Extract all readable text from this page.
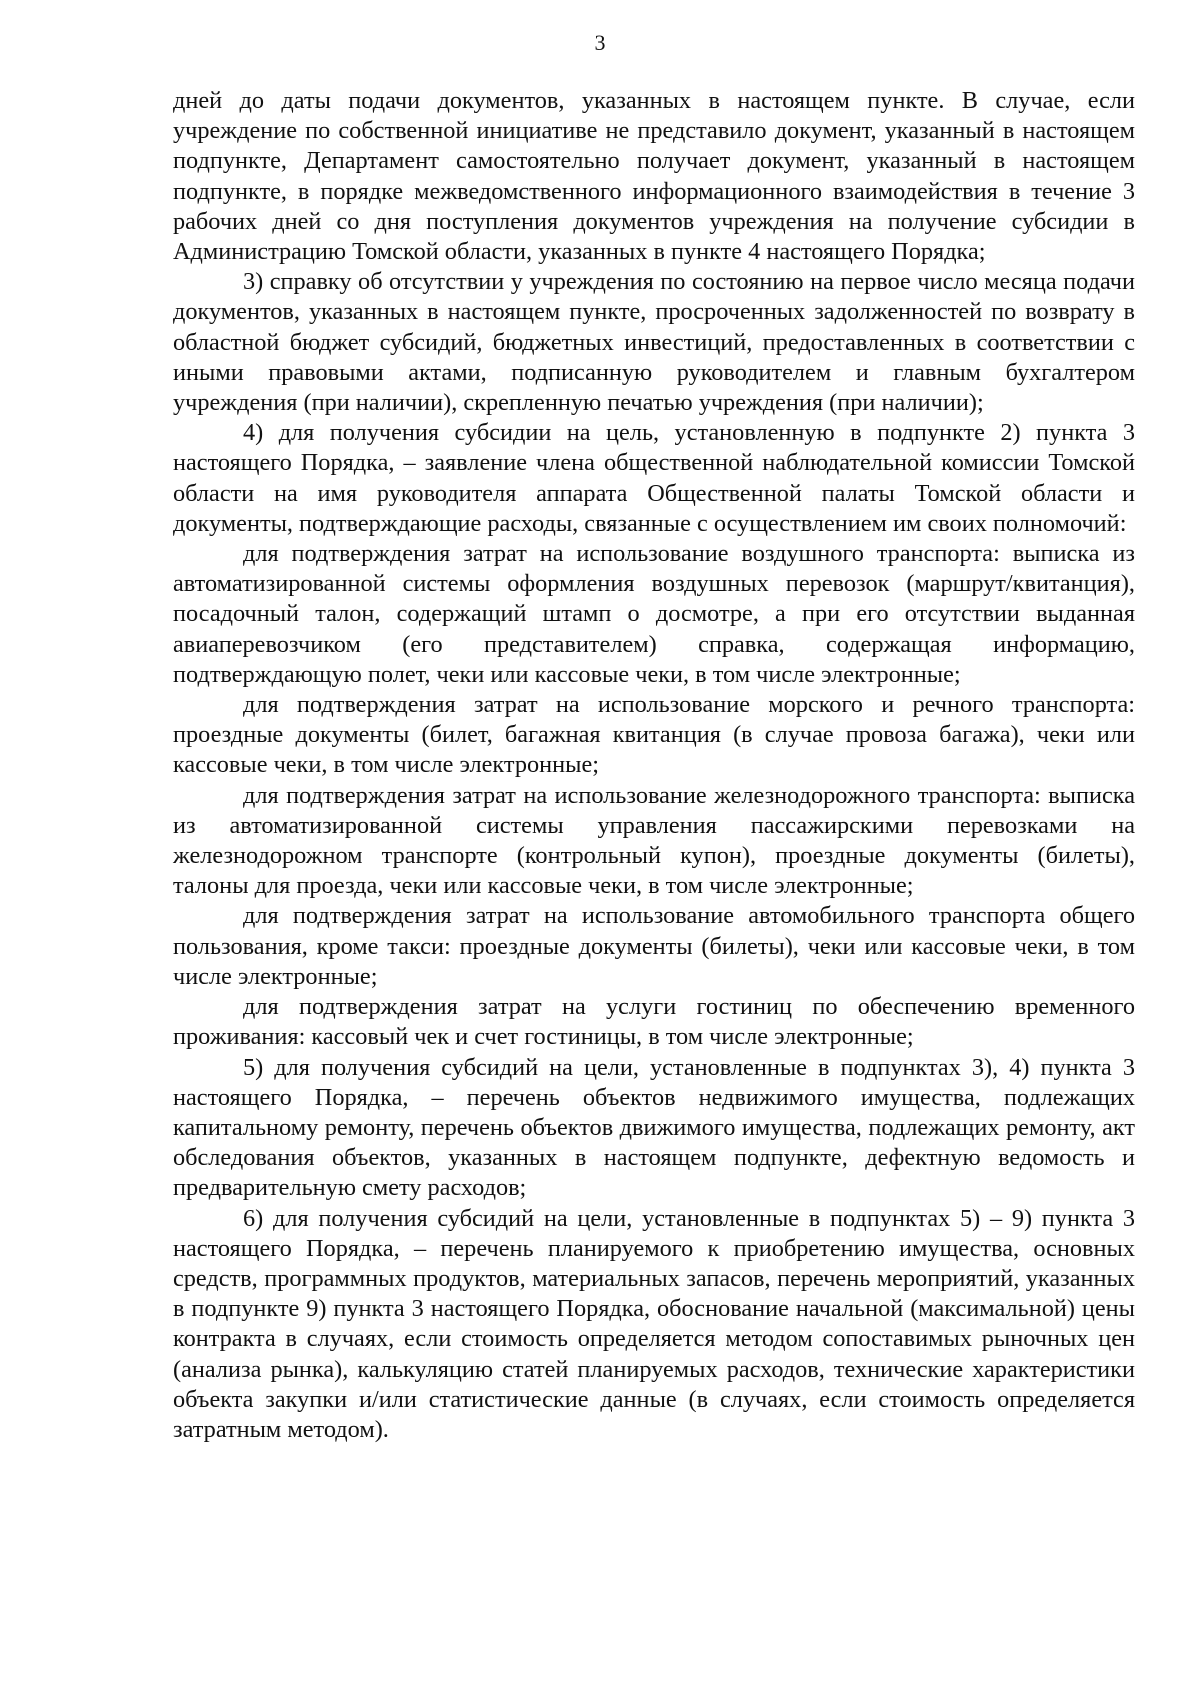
3

дней до даты подачи документов, указанных в настоящем пункте. В случае, если учреждение по собственной инициативе не представило документ, указанный в настоящем подпункте, Департамент самостоятельно получает документ, указанный в настоящем подпункте, в порядке межведомственного информационного взаимодействия в течение 3 рабочих дней со дня поступления документов учреждения на получение субсидии в Администрацию Томской области, указанных в пункте 4 настоящего Порядка;

3) справку об отсутствии у учреждения по состоянию на первое число месяца подачи документов, указанных в настоящем пункте, просроченных задолженностей по возврату в областной бюджет субсидий, бюджетных инвестиций, предоставленных в соответствии с иными правовыми актами, подписанную руководителем и главным бухгалтером учреждения (при наличии), скрепленную печатью учреждения (при наличии);

4) для получения субсидии на цель, установленную в подпункте 2) пункта 3 настоящего Порядка, – заявление члена общественной наблюдательной комиссии Томской области на имя руководителя аппарата Общественной палаты Томской области и документы, подтверждающие расходы, связанные с осуществлением им своих полномочий:

для подтверждения затрат на использование воздушного транспорта: выписка из автоматизированной системы оформления воздушных перевозок (маршрут/квитанция), посадочный талон, содержащий штамп о досмотре, а при его отсутствии выданная авиаперевозчиком (его представителем) справка, содержащая информацию, подтверждающую полет, чеки или кассовые чеки, в том числе электронные;

для подтверждения затрат на использование морского и речного транспорта: проездные документы (билет, багажная квитанция (в случае провоза багажа), чеки или кассовые чеки, в том числе электронные;

для подтверждения затрат на использование железнодорожного транспорта: выписка из автоматизированной системы управления пассажирскими перевозками на железнодорожном транспорте (контрольный купон), проездные документы (билеты), талоны для проезда, чеки или кассовые чеки, в том числе электронные;

для подтверждения затрат на использование автомобильного транспорта общего пользования, кроме такси: проездные документы (билеты), чеки или кассовые чеки, в том числе электронные;

для подтверждения затрат на услуги гостиниц по обеспечению временного проживания: кассовый чек и счет гостиницы, в том числе электронные;

5) для получения субсидий на цели, установленные в подпунктах 3), 4) пункта 3 настоящего Порядка, – перечень объектов недвижимого имущества, подлежащих капитальному ремонту, перечень объектов движимого имущества, подлежащих ремонту, акт обследования объектов, указанных в настоящем подпункте, дефектную ведомость и предварительную смету расходов;

6) для получения субсидий на цели, установленные в подпунктах 5) – 9) пункта 3 настоящего Порядка, – перечень планируемого к приобретению имущества, основных средств, программных продуктов, материальных запасов, перечень мероприятий, указанных в подпункте 9) пункта 3 настоящего Порядка, обоснование начальной (максимальной) цены контракта в случаях, если стоимость определяется методом сопоставимых рыночных цен (анализа рынка), калькуляцию статей планируемых расходов, технические характеристики объекта закупки и/или статистические данные (в случаях, если стоимость определяется затратным методом).
